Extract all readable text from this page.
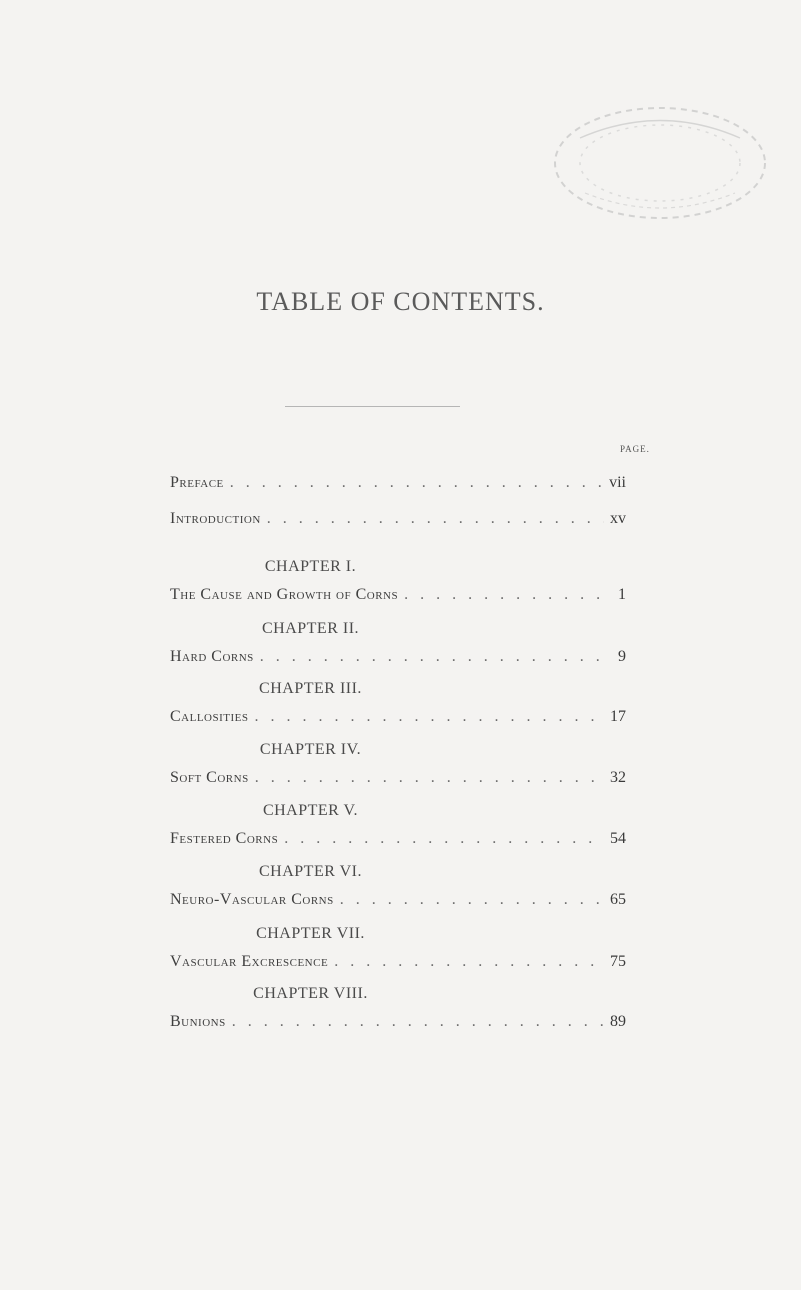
TABLE OF CONTENTS.
PAGE.
Preface . . .	vii
Introduction . . .	xv
CHAPTER I.
The Cause and Growth of Corns . . .	1
CHAPTER II.
Hard Corns . . .	9
CHAPTER III.
Callosities . . .	17
CHAPTER IV.
Soft Corns . . .	32
CHAPTER V.
Festered Corns . . .	54
CHAPTER VI.
Neuro-Vascular Corns . . .	65
CHAPTER VII.
Vascular Excrescence . . .	75
CHAPTER VIII.
Bunions . . .	89
